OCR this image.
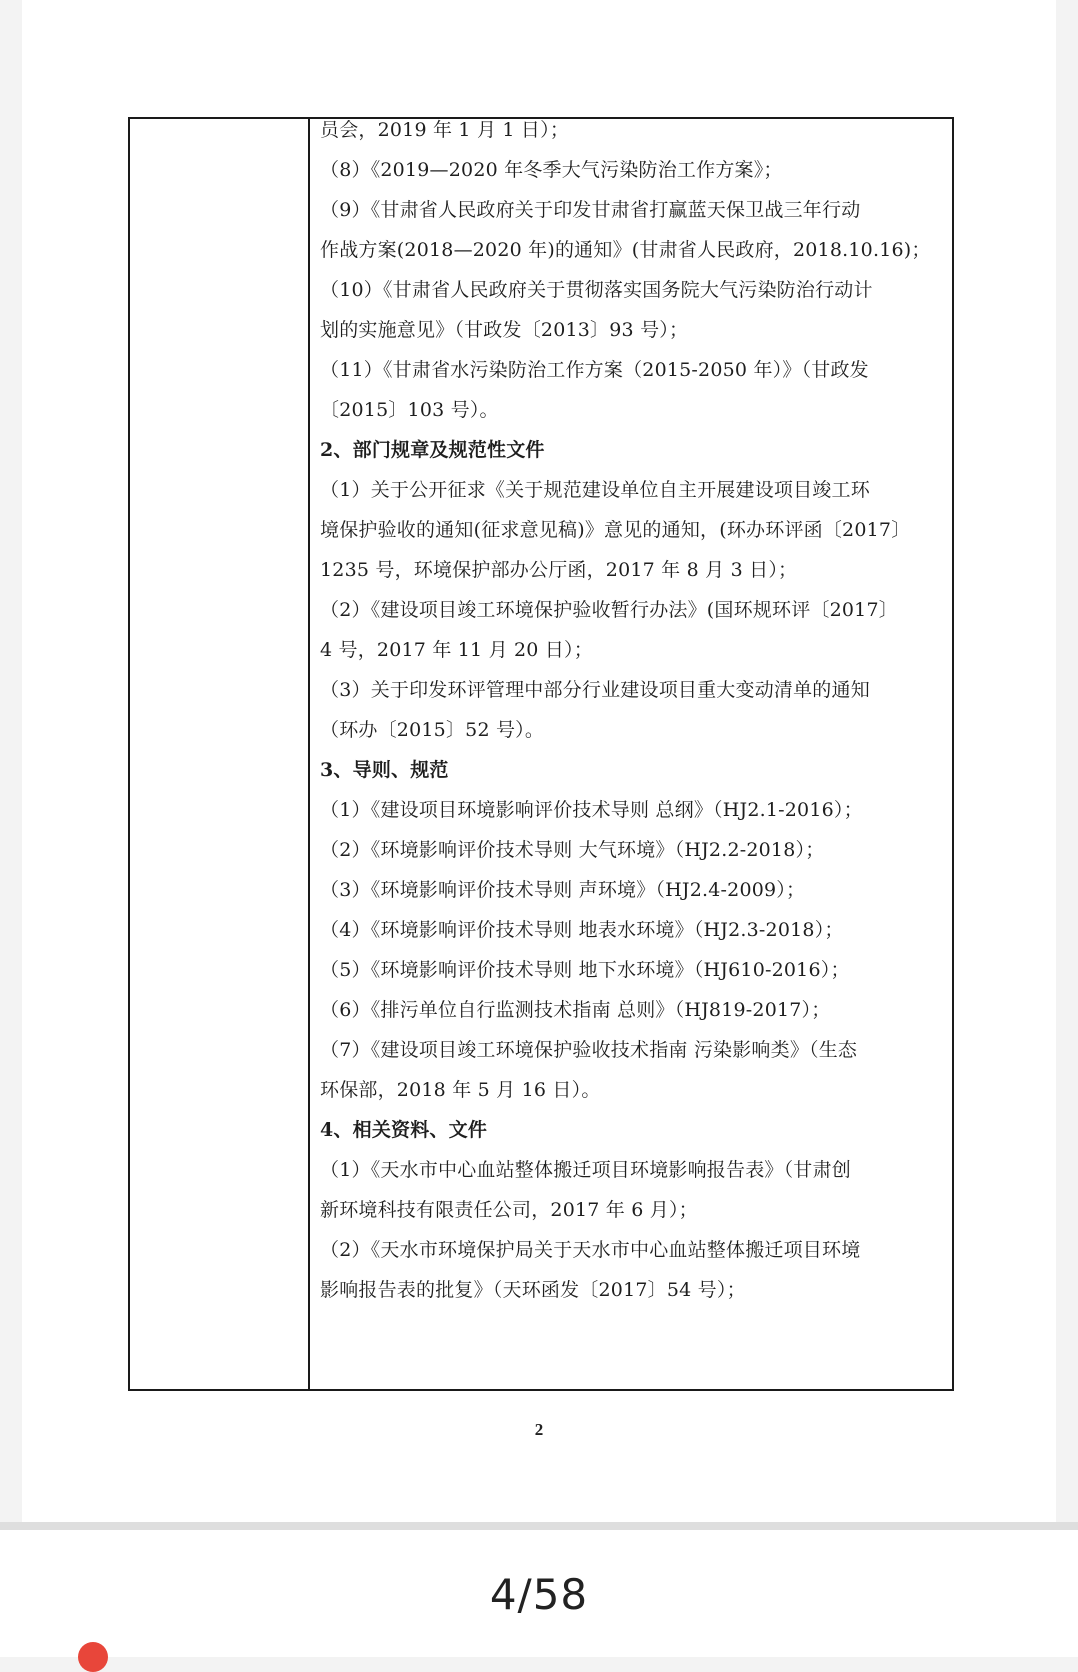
员会，2019 年 1 月 1 日）；
（8）《2019—2020 年冬季大气污染防治工作方案》；
（9）《甘肃省人民政府关于印发甘肃省打赢蓝天保卫战三年行动
作战方案(2018—2020 年)的通知》(甘肃省人民政府，2018.10.16)；
（10）《甘肃省人民政府关于贯彻落实国务院大气污染防治行动计
划的实施意见》（甘政发〔2013〕93 号）；
（11）《甘肃省水污染防治工作方案（2015-2050 年）》（甘政发
〔2015〕103 号）。
2、部门规章及规范性文件
（1）关于公开征求《关于规范建设单位自主开展建设项目竣工环
境保护验收的通知(征求意见稿)》意见的通知，(环办环评函〔2017〕
1235 号，环境保护部办公厅函，2017 年 8 月 3 日）；
（2）《建设项目竣工环境保护验收暂行办法》(国环规环评〔2017〕
4 号，2017 年 11 月 20 日）；
（3）关于印发环评管理中部分行业建设项目重大变动清单的通知
（环办〔2015〕52 号）。
3、导则、规范
（1）《建设项目环境影响评价技术导则 总纲》（HJ2.1-2016）；
（2）《环境影响评价技术导则 大气环境》（HJ2.2-2018）；
（3）《环境影响评价技术导则 声环境》（HJ2.4-2009）；
（4）《环境影响评价技术导则 地表水环境》（HJ2.3-2018）；
（5）《环境影响评价技术导则 地下水环境》（HJ610-2016）；
（6）《排污单位自行监测技术指南 总则》（HJ819-2017）；
（7）《建设项目竣工环境保护验收技术指南 污染影响类》（生态
环保部，2018 年 5 月 16 日）。
4、相关资料、文件
（1）《天水市中心血站整体搬迁项目环境影响报告表》（甘肃创
新环境科技有限责任公司，2017 年 6 月）；
（2）《天水市环境保护局关于天水市中心血站整体搬迁项目环境
影响报告表的批复》（天环函发〔2017〕54 号）；
2
4/58
